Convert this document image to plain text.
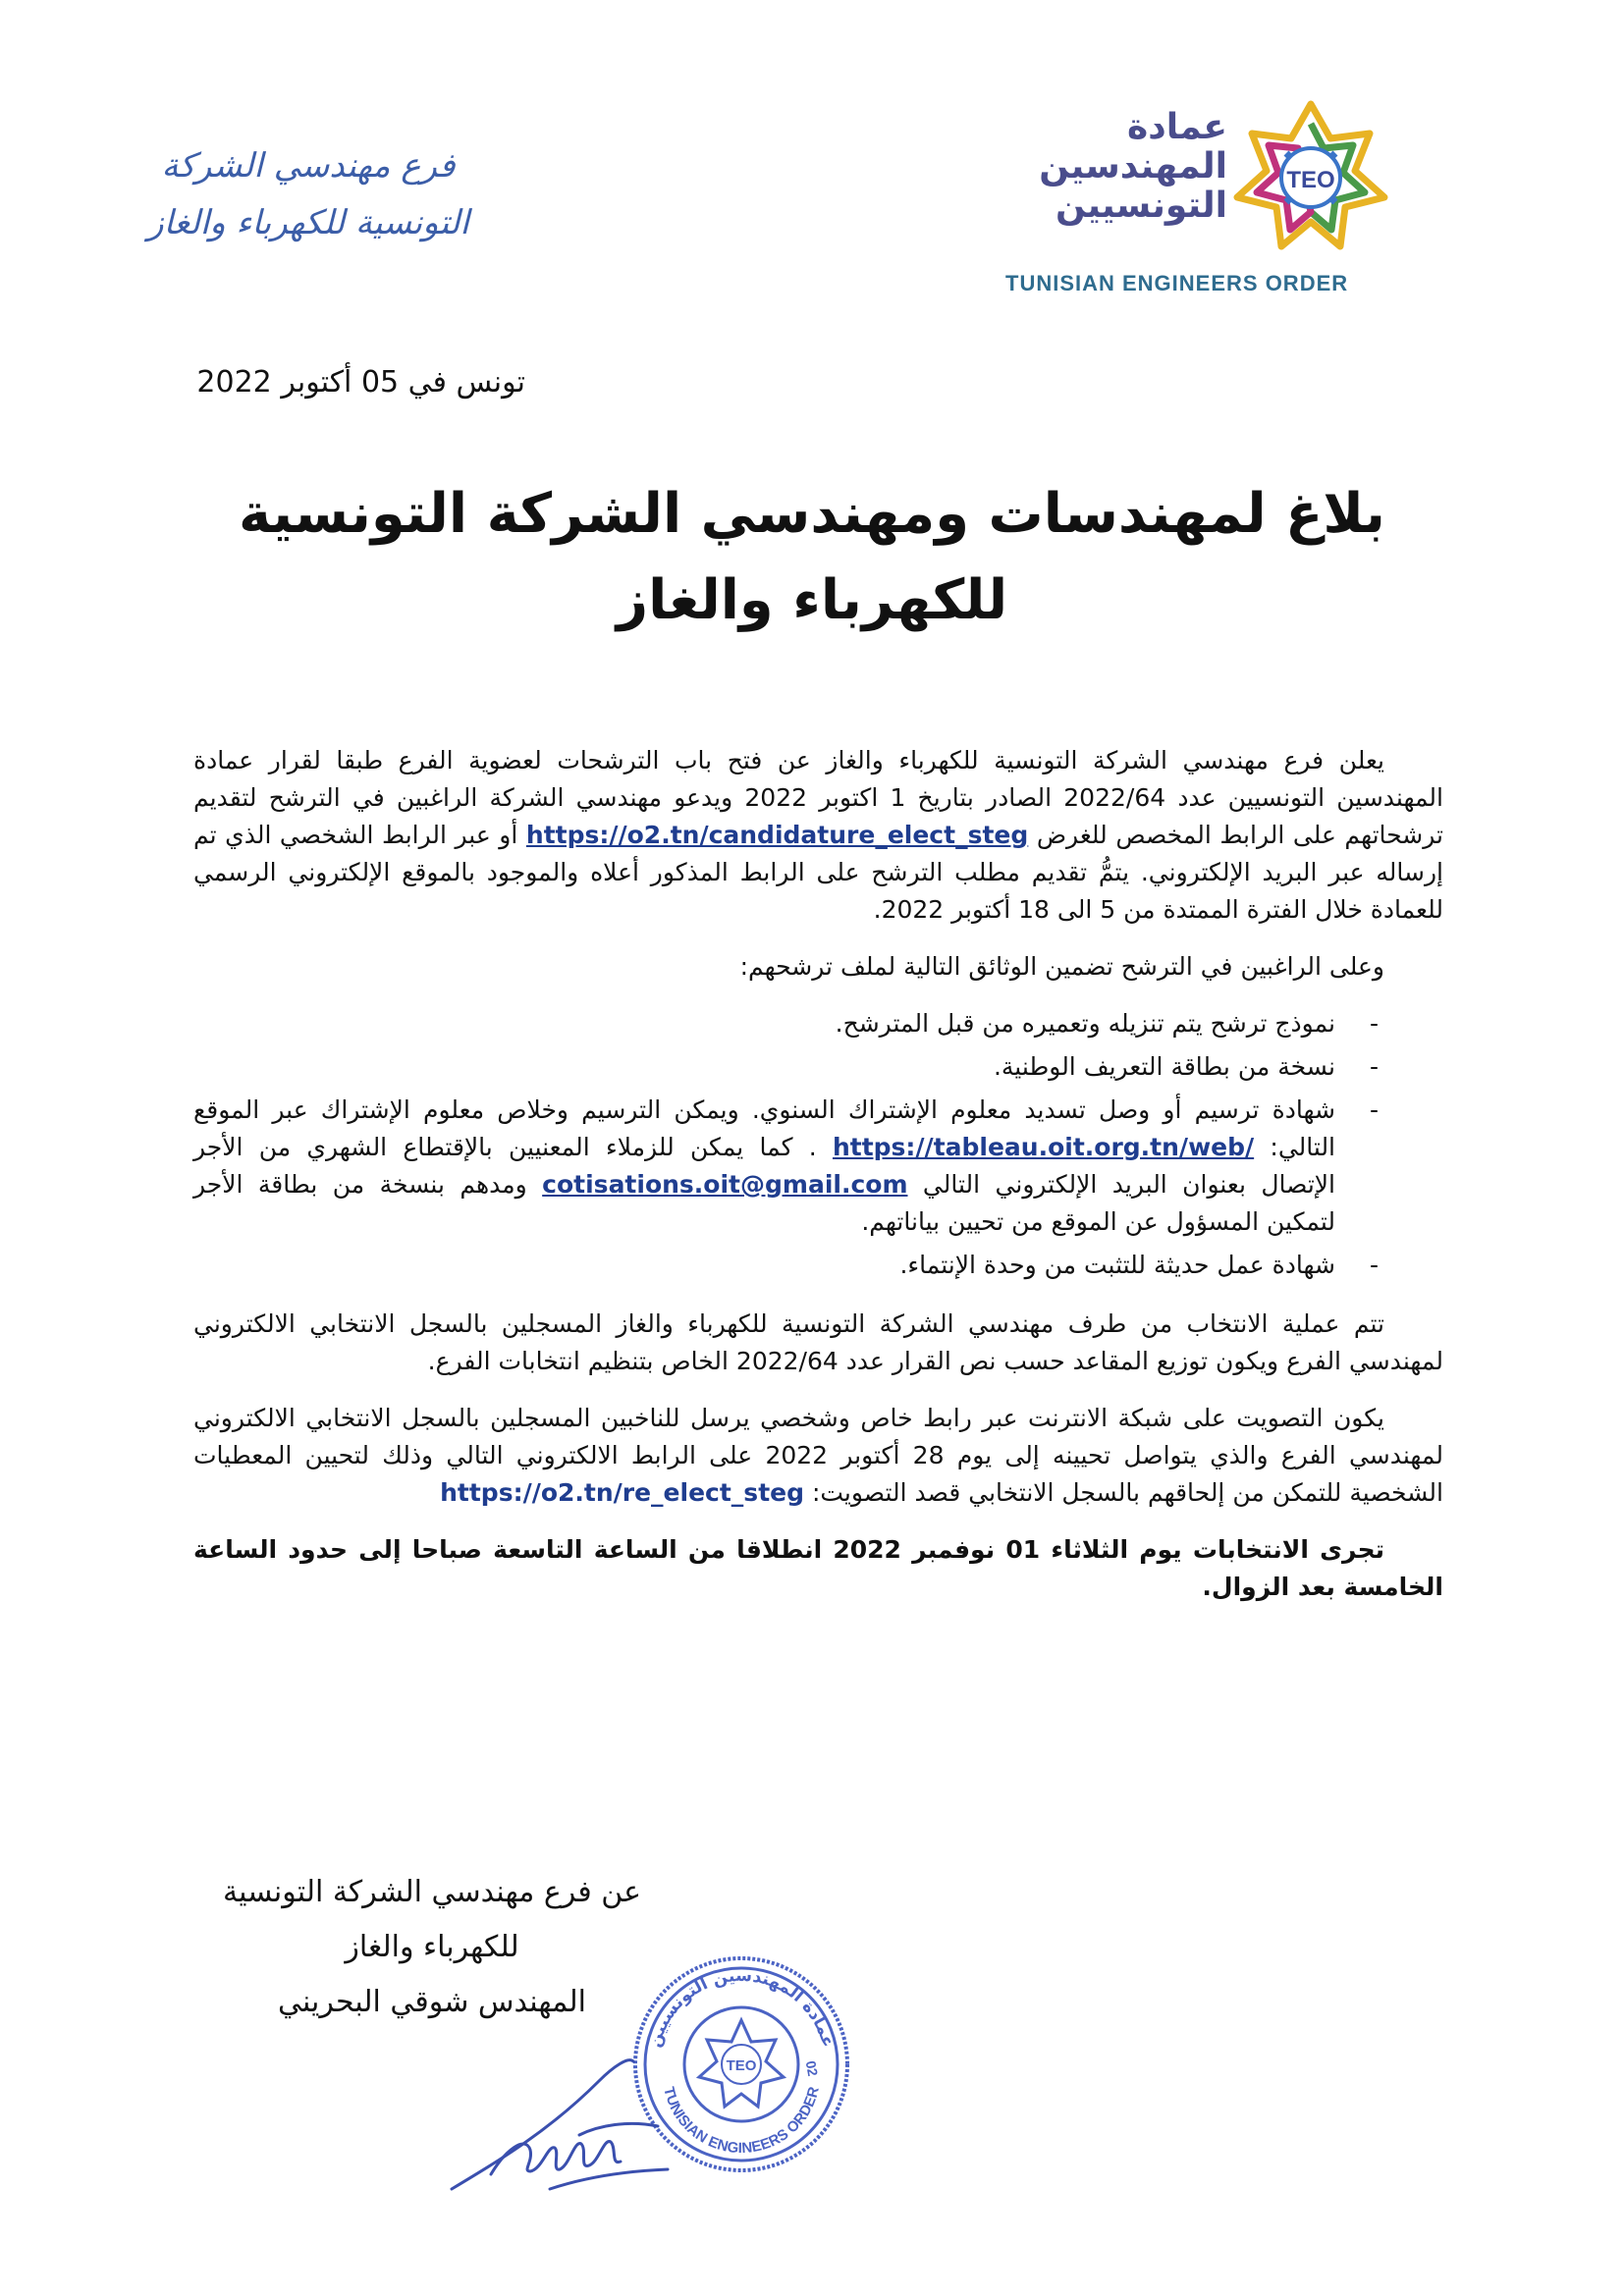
فرع مهندسي الشركة
التونسية للكهرباء والغاز
عمادة
المهندسين
التونسيين
TEO
TUNISIAN ENGINEERS ORDER
تونس في 05 أكتوبر 2022
بلاغ لمهندسات ومهندسي الشركة التونسية
للكهرباء والغاز

يعلن فرع مهندسي الشركة التونسية للكهرباء والغاز عن فتح باب الترشحات لعضوية الفرع طبقا لقرار عمادة المهندسين التونسيين عدد 2022/64 الصادر بتاريخ 1 اكتوبر 2022 ويدعو مهندسي الشركة الراغبين في الترشح لتقديم ترشحاتهم على الرابط المخصص للغرض https://o2.tn/candidature_elect_steg أو عبر الرابط الشخصي الذي تم إرساله عبر البريد الإلكتروني. يتمُّ تقديم مطلب الترشح على الرابط المذكور أعلاه والموجود بالموقع الإلكتروني الرسمي للعمادة خلال الفترة الممتدة من 5 الى 18 أكتوبر 2022.

وعلى الراغبين في الترشح تضمين الوثائق التالية لملف ترشحهم:

- نموذج ترشح يتم تنزيله وتعميره من قبل المترشح.
- نسخة من بطاقة التعريف الوطنية.
- شهادة ترسيم أو وصل تسديد معلوم الإشتراك السنوي. ويمكن الترسيم وخلاص معلوم الإشتراك عبر الموقع التالي: https://tableau.oit.org.tn/web/ . كما يمكن للزملاء المعنيين بالإقتطاع الشهري من الأجر الإتصال بعنوان البريد الإلكتروني التالي cotisations.oit@gmail.com ومدهم بنسخة من بطاقة الأجر لتمكين المسؤول عن الموقع من تحيين بياناتهم.
- شهادة عمل حديثة للتثبت من وحدة الإنتماء.

تتم عملية الانتخاب من طرف مهندسي الشركة التونسية للكهرباء والغاز المسجلين بالسجل الانتخابي الالكتروني لمهندسي الفرع ويكون توزيع المقاعد حسب نص القرار عدد 2022/64 الخاص بتنظيم انتخابات الفرع.

يكون التصويت على شبكة الانترنت عبر رابط خاص وشخصي يرسل للناخبين المسجلين بالسجل الانتخابي الالكتروني لمهندسي الفرع والذي يتواصل تحيينه إلى يوم 28 أكتوبر 2022 على الرابط الالكتروني التالي وذلك لتحيين المعطيات الشخصية للتمكن من إلحاقهم بالسجل الانتخابي قصد التصويت: https://o2.tn/re_elect_steg

تجرى الانتخابات يوم الثلاثاء 01 نوفمبر 2022 انطلاقا من الساعة التاسعة صباحا إلى حدود الساعة الخامسة بعد الزوال.

عن فرع مهندسي الشركة التونسية
للكهرباء والغاز
المهندس شوقي البحريني
عمادة المهندسين التونسيين
TUNISIAN ENGINEERS ORDER
TEO	02
